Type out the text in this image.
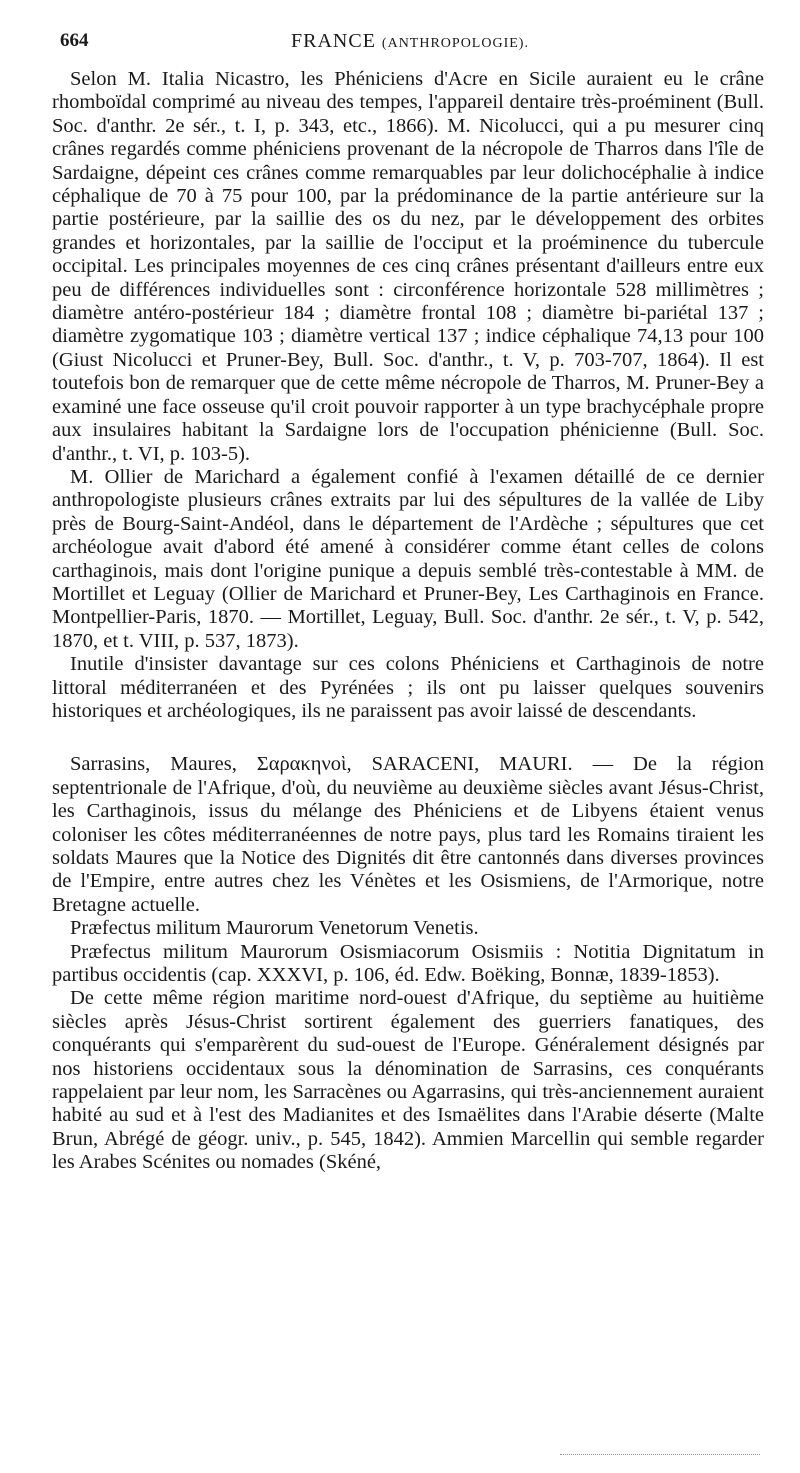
664	FRANCE (ANTHROPOLOGIE).

Selon M. Italia Nicastro, les Phéniciens d'Acre en Sicile auraient eu le crâne rhomboïdal comprimé au niveau des tempes, l'appareil dentaire très-proéminent (Bull. Soc. d'anthr. 2e sér., t. I, p. 343, etc., 1866). M. Nicolucci, qui a pu mesurer cinq crânes regardés comme phéniciens provenant de la nécropole de Tharros dans l'île de Sardaigne, dépeint ces crânes comme remarquables par leur dolichocéphalie à indice céphalique de 70 à 75 pour 100, par la prédominance de la partie antérieure sur la partie postérieure, par la saillie des os du nez, par le développement des orbites grandes et horizontales, par la saillie de l'occiput et la proéminence du tubercule occipital. Les principales moyennes de ces cinq crânes présentant d'ailleurs entre eux peu de différences individuelles sont : circonférence horizontale 528 millimètres ; diamètre antéro-postérieur 184 ; diamètre frontal 108 ; diamètre bi-pariétal 137 ; diamètre zygomatique 103 ; diamètre vertical 137 ; indice céphalique 74,13 pour 100 (Giust Nicolucci et Pruner-Bey, Bull. Soc. d'anthr., t. V, p. 703-707, 1864). Il est toutefois bon de remarquer que de cette même nécropole de Tharros, M. Pruner-Bey a examiné une face osseuse qu'il croit pouvoir rapporter à un type brachycéphale propre aux insulaires habitant la Sardaigne lors de l'occupation phénicienne (Bull. Soc. d'anthr., t. VI, p. 103-5).

M. Ollier de Marichard a également confié à l'examen détaillé de ce dernier anthropologiste plusieurs crânes extraits par lui des sépultures de la vallée de Liby près de Bourg-Saint-Andéol, dans le département de l'Ardèche ; sépultures que cet archéologue avait d'abord été amené à considérer comme étant celles de colons carthaginois, mais dont l'origine punique a depuis semblé très-contestable à MM. de Mortillet et Leguay (Ollier de Marichard et Pruner-Bey, Les Carthaginois en France. Montpellier-Paris, 1870. — Mortillet, Leguay, Bull. Soc. d'anthr. 2e sér., t. V, p. 542, 1870, et t. VIII, p. 537, 1873).

Inutile d'insister davantage sur ces colons Phéniciens et Carthaginois de notre littoral méditerranéen et des Pyrénées ; ils ont pu laisser quelques souvenirs historiques et archéologiques, ils ne paraissent pas avoir laissé de descendants.

Sarrasins, Maures, Σαρακηνοὶ, SARACENI, MAURI. — De la région septentrionale de l'Afrique, d'où, du neuvième au deuxième siècles avant Jésus-Christ, les Carthaginois, issus du mélange des Phéniciens et de Libyens étaient venus coloniser les côtes méditerranéennes de notre pays, plus tard les Romains tiraient les soldats Maures que la Notice des Dignités dit être cantonnés dans diverses provinces de l'Empire, entre autres chez les Vénètes et les Osismiens, de l'Armorique, notre Bretagne actuelle.

Præfectus militum Maurorum Venetorum Venetis.

Præfectus militum Maurorum Osismiacorum Osismiis : Notitia Dignitatum in partibus occidentis (cap. XXXVI, p. 106, éd. Edw. Boëking, Bonnæ, 1839-1853).

De cette même région maritime nord-ouest d'Afrique, du septième au huitième siècles après Jésus-Christ sortirent également des guerriers fanatiques, des conquérants qui s'emparèrent du sud-ouest de l'Europe. Généralement désignés par nos historiens occidentaux sous la dénomination de Sarrasins, ces conquérants rappelaient par leur nom, les Sarracènes ou Agarrasins, qui très-anciennement auraient habité au sud et à l'est des Madianites et des Ismaëlites dans l'Arabie déserte (Malte Brun, Abrégé de géogr. univ., p. 545, 1842). Ammien Marcellin qui semble regarder les Arabes Scénites ou nomades (Skéné,
